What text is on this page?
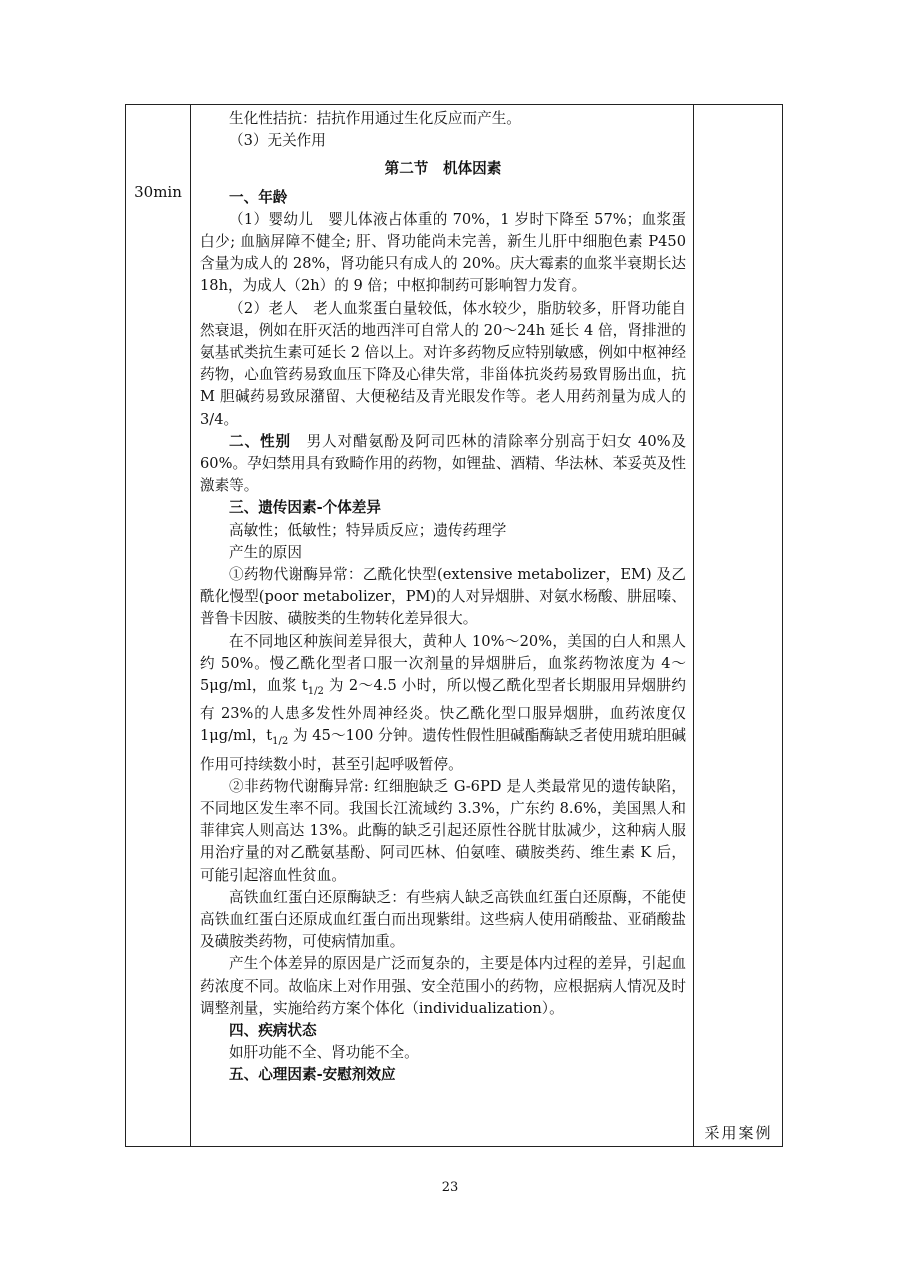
30min

生化性拮抗：拮抗作用通过生化反应而产生。

（3）无关作用

第二节　机体因素

一、年龄

（1）婴幼儿　婴儿体液占体重的 70%，1 岁时下降至 57%；血浆蛋白少; 血脑屏障不健全; 肝、肾功能尚未完善，新生儿肝中细胞色素 P450 含量为成人的 28%，肾功能只有成人的 20%。庆大霉素的血浆半衰期长达 18h，为成人（2h）的 9 倍；中枢抑制药可影响智力发育。

（2）老人　老人血浆蛋白量较低，体水较少，脂肪较多，肝肾功能自然衰退，例如在肝灭活的地西泮可自常人的 20～24h 延长 4 倍，肾排泄的氨基甙类抗生素可延长 2 倍以上。对许多药物反应特别敏感，例如中枢神经药物，心血管药易致血压下降及心律失常，非甾体抗炎药易致胃肠出血，抗 M 胆碱药易致尿潴留、大便秘结及青光眼发作等。老人用药剂量为成人的 3/4。

二、性别　男人对醋氨酚及阿司匹林的清除率分别高于妇女 40%及 60%。孕妇禁用具有致畸作用的药物，如锂盐、酒精、华法林、苯妥英及性激素等。

三、遗传因素-个体差异

高敏性；低敏性；特异质反应；遗传药理学

产生的原因

①药物代谢酶异常：乙酰化快型(extensive metabolizer，EM) 及乙酰化慢型(poor metabolizer，PM)的人对异烟肼、对氨水杨酸、肼屈嗪、普鲁卡因胺、磺胺类的生物转化差异很大。

在不同地区种族间差异很大，黄种人 10%～20%，美国的白人和黑人约 50%。慢乙酰化型者口服一次剂量的异烟肼后，血浆药物浓度为 4～5μg/ml，血浆 $t_{1/2}$ 为 2～4.5 小时，所以慢乙酰化型者长期服用异烟肼约有 23%的人患多发性外周神经炎。快乙酰化型口服异烟肼，血药浓度仅 1μg/ml，$t_{1/2}$ 为 45～100 分钟。遗传性假性胆碱酯酶缺乏者使用琥珀胆碱作用可持续数小时，甚至引起呼吸暂停。

②非药物代谢酶异常: 红细胞缺乏 G-6PD 是人类最常见的遗传缺陷，不同地区发生率不同。我国长江流域约 3.3%，广东约 8.6%，美国黑人和菲律宾人则高达 13%。此酶的缺乏引起还原性谷胱甘肽减少，这种病人服用治疗量的对乙酰氨基酚、阿司匹林、伯氨喹、磺胺类药、维生素 K 后，可能引起溶血性贫血。

高铁血红蛋白还原酶缺乏：有些病人缺乏高铁血红蛋白还原酶，不能使高铁血红蛋白还原成血红蛋白而出现紫绀。这些病人使用硝酸盐、亚硝酸盐及磺胺类药物，可使病情加重。

产生个体差异的原因是广泛而复杂的，主要是体内过程的差异，引起血药浓度不同。故临床上对作用强、安全范围小的药物，应根据病人情况及时调整剂量，实施给药方案个体化（individualization）。

四、疾病状态

如肝功能不全、肾功能不全。

五、心理因素-安慰剂效应

采用案例
23
